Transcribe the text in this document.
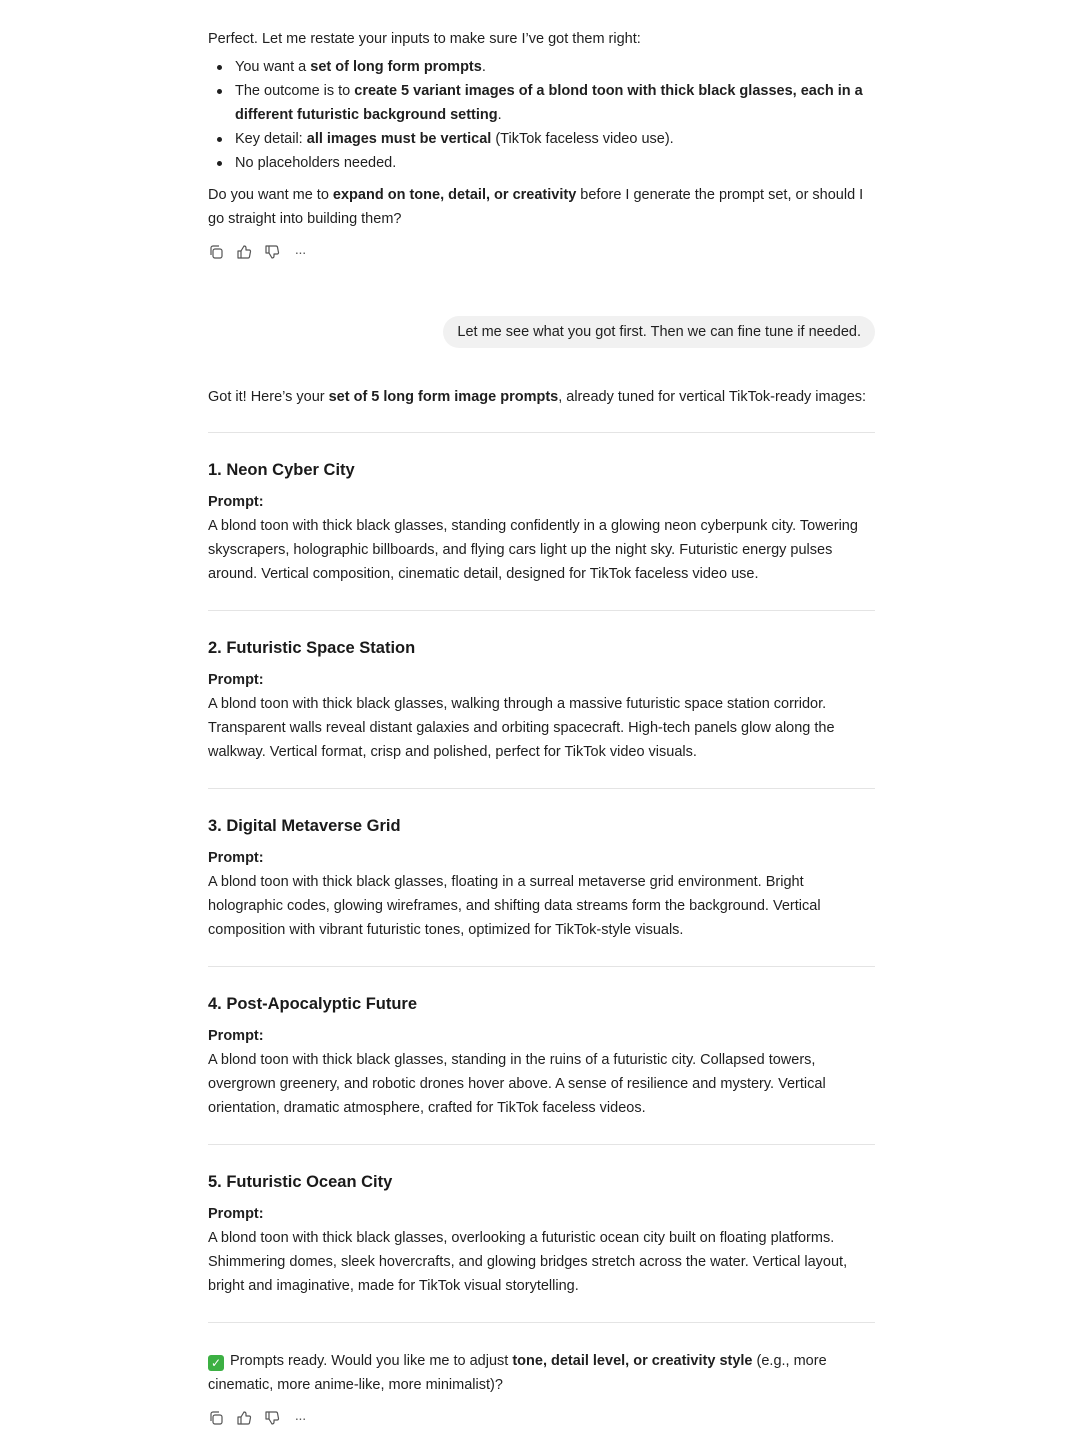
Perfect. Let me restate your inputs to make sure I’ve got them right:

You want a set of long form prompts.
The outcome is to create 5 variant images of a blond toon with thick black glasses, each in a different futuristic background setting.
Key detail: all images must be vertical (TikTok faceless video use).
No placeholders needed.

Do you want me to expand on tone, detail, or creativity before I generate the prompt set, or should I go straight into building them?

···
Let me see what you got first. Then we can fine tune if needed.

Got it! Here’s your set of 5 long form image prompts, already tuned for vertical TikTok-ready images:

1. Neon Cyber City

Prompt:

A blond toon with thick black glasses, standing confidently in a glowing neon cyberpunk city. Towering skyscrapers, holographic billboards, and flying cars light up the night sky. Futuristic energy pulses around. Vertical composition, cinematic detail, designed for TikTok faceless video use.

2. Futuristic Space Station

Prompt:

A blond toon with thick black glasses, walking through a massive futuristic space station corridor. Transparent walls reveal distant galaxies and orbiting spacecraft. High-tech panels glow along the walkway. Vertical format, crisp and polished, perfect for TikTok video visuals.

3. Digital Metaverse Grid

Prompt:

A blond toon with thick black glasses, floating in a surreal metaverse grid environment. Bright holographic codes, glowing wireframes, and shifting data streams form the background. Vertical composition with vibrant futuristic tones, optimized for TikTok-style visuals.

4. Post-Apocalyptic Future

Prompt:

A blond toon with thick black glasses, standing in the ruins of a futuristic city. Collapsed towers, overgrown greenery, and robotic drones hover above. A sense of resilience and mystery. Vertical orientation, dramatic atmosphere, crafted for TikTok faceless videos.

5. Futuristic Ocean City

Prompt:

A blond toon with thick black glasses, overlooking a futuristic ocean city built on floating platforms. Shimmering domes, sleek hovercrafts, and glowing bridges stretch across the water. Vertical layout, bright and imaginative, made for TikTok visual storytelling.

✓ Prompts ready. Would you like me to adjust tone, detail level, or creativity style (e.g., more cinematic, more anime-like, more minimalist)?

···
